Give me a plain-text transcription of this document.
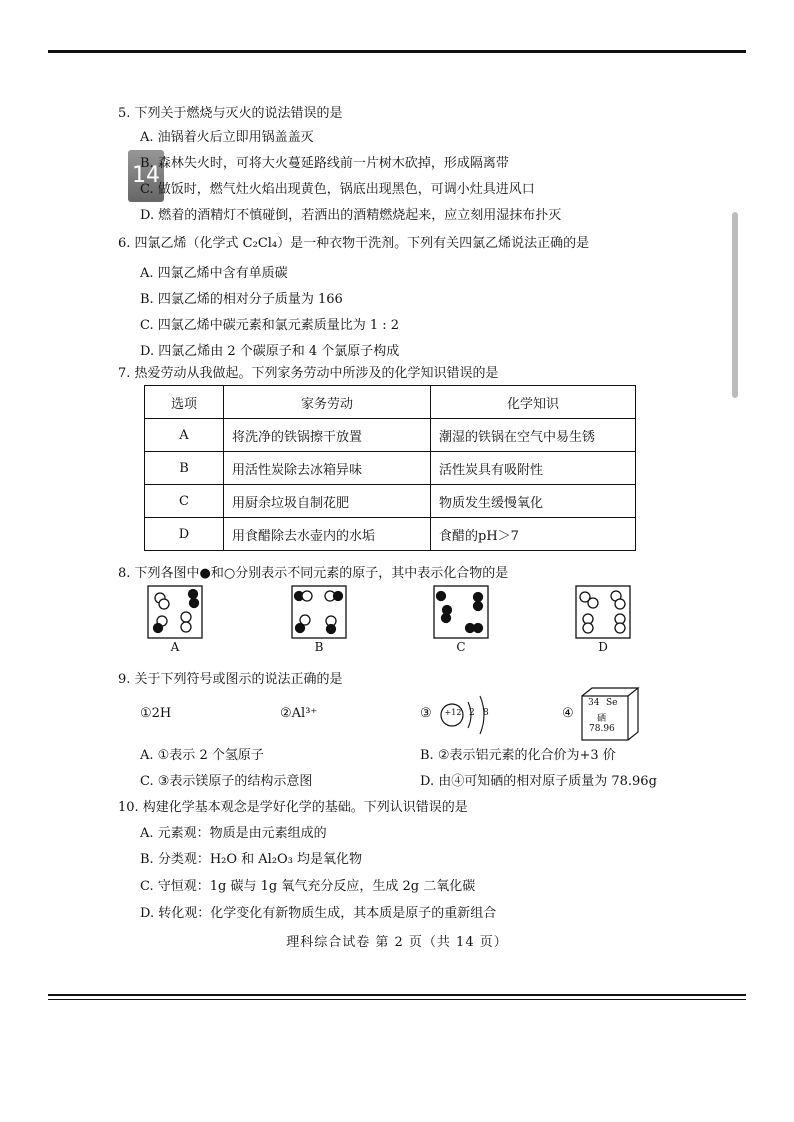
14
5. 下列关于燃烧与灭火的说法错误的是
A. 油锅着火后立即用锅盖盖灭
B. 森林失火时，可将大火蔓延路线前一片树木砍掉，形成隔离带
C. 做饭时，燃气灶火焰出现黄色，锅底出现黑色，可调小灶具进风口
D. 燃着的酒精灯不慎碰倒，若洒出的酒精燃烧起来，应立刻用湿抹布扑灭
6. 四氯乙烯（化学式 C₂Cl₄）是一种衣物干洗剂。下列有关四氯乙烯说法正确的是
A. 四氯乙烯中含有单质碳
B. 四氯乙烯的相对分子质量为 166
C. 四氯乙烯中碳元素和氯元素质量比为 1 : 2
D. 四氯乙烯由 2 个碳原子和 4 个氯原子构成
7. 热爱劳动从我做起。下列家务劳动中所涉及的化学知识错误的是
选项	家务劳动	化学知识
A	将洗净的铁锅擦干放置	潮湿的铁锅在空气中易生锈
B	用活性炭除去冰箱异味	活性炭具有吸附性
C	用厨余垃圾自制花肥	物质发生缓慢氧化
D	用食醋除去水壶内的水垢	食醋的pH＞7
8. 下列各图中●和○分别表示不同元素的原子，其中表示化合物的是
A	B	C	D
9. 关于下列符号或图示的说法正确的是
①2H	②Al³⁺	③ +12 2 8	④
34 Se
硒
78.96
A. ①表示 2 个氢原子	B. ②表示铝元素的化合价为+3 价
C. ③表示镁原子的结构示意图	D. 由④可知硒的相对原子质量为 78.96g
10. 构建化学基本观念是学好化学的基础。下列认识错误的是
A. 元素观：物质是由元素组成的
B. 分类观：H₂O 和 Al₂O₃ 均是氧化物
C. 守恒观：1g 碳与 1g 氧气充分反应，生成 2g 二氧化碳
D. 转化观：化学变化有新物质生成，其本质是原子的重新组合
理科综合试卷 第 2 页（共 14 页）
